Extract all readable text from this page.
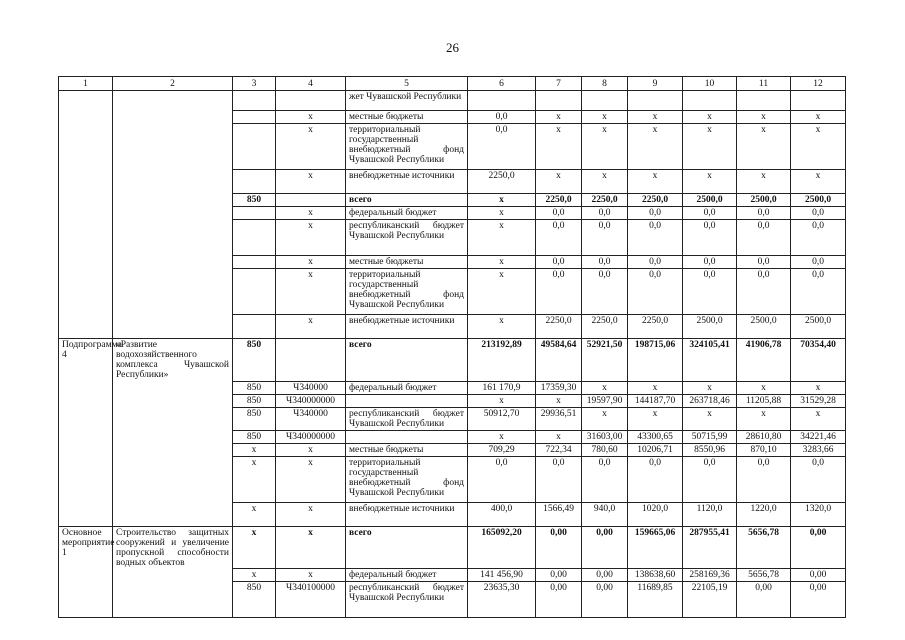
26
1	2	3	4	5	6	7	8	9	10	11	12
				жет Чувашской Республики							
			x	местные бюджеты	0,0	x	x	x	x	x	x
			x	территориальный государственный внебюджетный фонд Чувашской Республики	0,0	x	x	x	x	x	x
			x	внебюджетные источники	2250,0	x	x	x	x	x	x
		850		всего	x	2250,0	2250,0	2250,0	2500,0	2500,0	2500,0
			x	федеральный бюджет	x	0,0	0,0	0,0	0,0	0,0	0,0
			x	республиканский бюджет Чувашской Республики	x	0,0	0,0	0,0	0,0	0,0	0,0
			x	местные бюджеты	x	0,0	0,0	0,0	0,0	0,0	0,0
			x	территориальный государственный внебюджетный фонд Чувашской Республики	x	0,0	0,0	0,0	0,0	0,0	0,0
			x	внебюджетные источники	x	2250,0	2250,0	2250,0	2500,0	2500,0	2500,0
Подпрограмма 4	«Развитие водохозяйственного комплекса Чувашской Республики»	850		всего	213192,89	49584,64	52921,50	198715,06	324105,41	41906,78	70354,40
		850	Ч340000	федеральный бюджет	161 170,9	17359,30	x	x	x	x	x
		850	Ч340000000		x	x	19597,90	144187,70	263718,46	11205,88	31529,28
		850	Ч340000	республиканский бюджет Чувашской Республики	50912,70	29936,51	x	x	x	x	x
		850	Ч340000000		x	x	31603,00	43300,65	50715,99	28610,80	34221,46
		x	x	местные бюджеты	709,29	722,34	780,60	10206,71	8550,96	870,10	3283,66
		x	x	территориальный государственный внебюджетный фонд Чувашской Республики	0,0	0,0	0,0	0,0	0,0	0,0	0,0
		x	x	внебюджетные источники	400,0	1566,49	940,0	1020,0	1120,0	1220,0	1320,0
Основное мероприятие 1	Строительство защитных сооружений и увеличение пропускной способности водных объектов	x	x	всего	165092,20	0,00	0,00	159665,06	287955,41	5656,78	0,00
		x	x	федеральный бюджет	141 456,90	0,00	0,00	138638,60	258169,36	5656,78	0,00
		850	Ч340100000	республиканский бюджет Чувашской Республики	23635,30	0,00	0,00	11689,85	22105,19	0,00	0,00
